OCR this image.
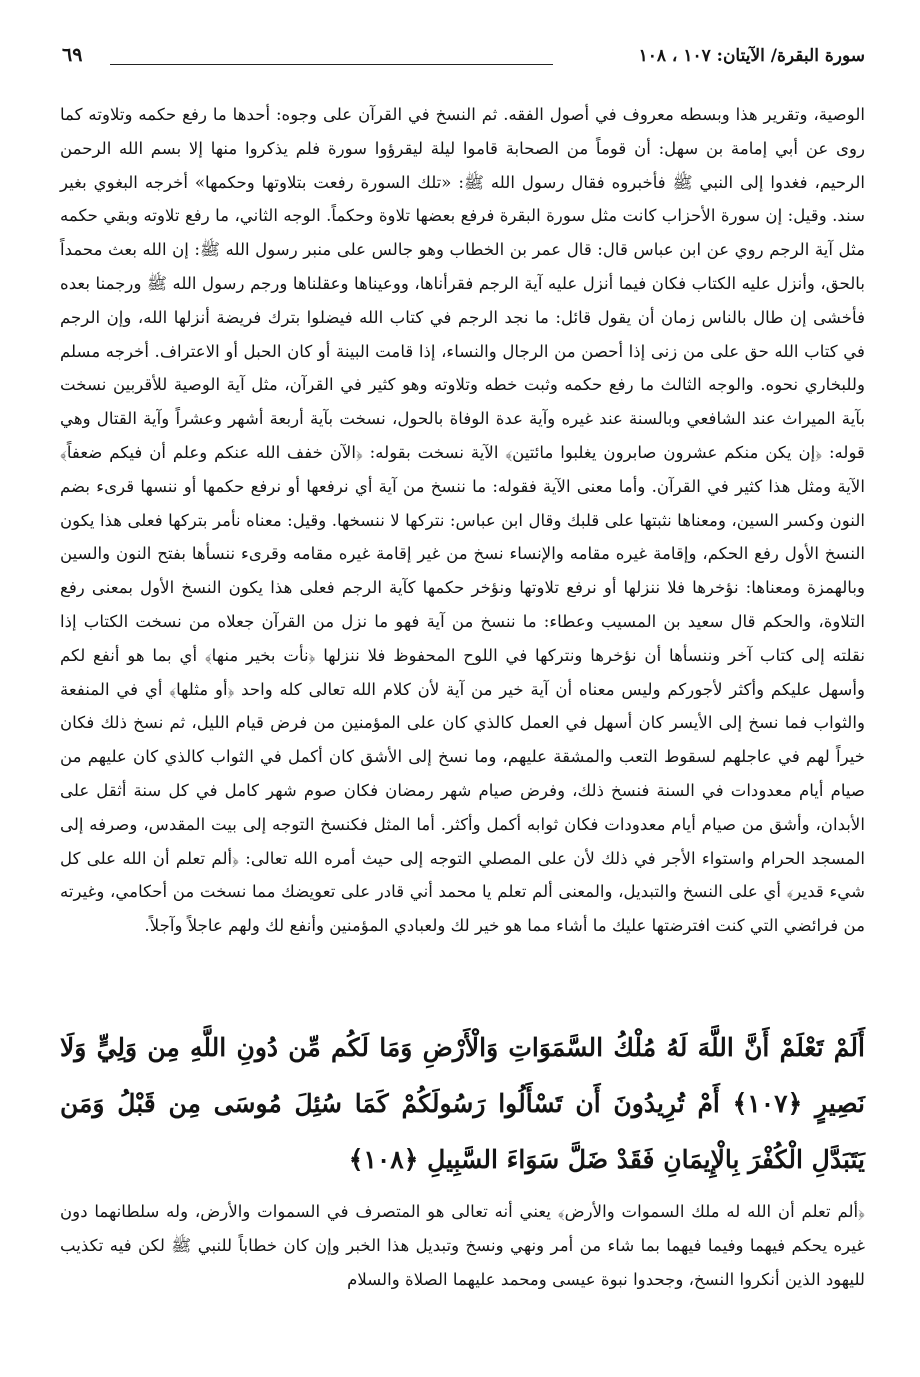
سورة البقرة/ الآيتان: ١٠٧ ، ١٠٨
٦٩

الوصية، وتقرير هذا وبسطه معروف في أصول الفقه. ثم النسخ في القرآن على وجوه: أحدها ما رفع حكمه وتلاوته كما روى عن أبي إمامة بن سهل: أن قوماً من الصحابة قاموا ليلة ليقرؤوا سورة فلم يذكروا منها إلا بسم الله الرحمن الرحيم، فغدوا إلى النبي ﷺ فأخبروه فقال رسول الله ﷺ: «تلك السورة رفعت بتلاوتها وحكمها» أخرجه البغوي بغير سند. وقيل: إن سورة الأحزاب كانت مثل سورة البقرة فرفع بعضها تلاوة وحكماً. الوجه الثاني، ما رفع تلاوته وبقي حكمه مثل آية الرجم روي عن ابن عباس قال: قال عمر بن الخطاب وهو جالس على منبر رسول الله ﷺ: إن الله بعث محمداً بالحق، وأنزل عليه الكتاب فكان فيما أنزل عليه آية الرجم فقرأناها، ووعيناها وعقلناها ورجم رسول الله ﷺ ورجمنا بعده فأخشى إن طال بالناس زمان أن يقول قائل: ما نجد الرجم في كتاب الله فيضلوا بترك فريضة أنزلها الله، وإن الرجم في كتاب الله حق على من زنى إذا أحصن من الرجال والنساء، إذا قامت البينة أو كان الحبل أو الاعتراف. أخرجه مسلم وللبخاري نحوه. والوجه الثالث ما رفع حكمه وثبت خطه وتلاوته وهو كثير في القرآن، مثل آية الوصية للأقربين نسخت بآية الميراث عند الشافعي وبالسنة عند غيره وآية عدة الوفاة بالحول، نسخت بآية أربعة أشهر وعشراً وآية القتال وهي قوله: ﴿إن يكن منكم عشرون صابرون يغلبوا مائتين﴾ الآية نسخت بقوله: ﴿الآن خفف الله عنكم وعلم أن فيكم ضعفاً﴾ الآية ومثل هذا كثير في القرآن. وأما معنى الآية فقوله: ما ننسخ من آية أي نرفعها أو نرفع حكمها أو ننسها قرىء بضم النون وكسر السين، ومعناها نثبتها على قلبك وقال ابن عباس: نتركها لا ننسخها. وقيل: معناه نأمر بتركها فعلى هذا يكون النسخ الأول رفع الحكم، وإقامة غيره مقامه والإنساء نسخ من غير إقامة غيره مقامه وقرىء ننسأها بفتح النون والسين وبالهمزة ومعناها: نؤخرها فلا ننزلها أو نرفع تلاوتها ونؤخر حكمها كآية الرجم فعلى هذا يكون النسخ الأول بمعنى رفع التلاوة، والحكم قال سعيد بن المسيب وعطاء: ما ننسخ من آية فهو ما نزل من القرآن جعلاه من نسخت الكتاب إذا نقلته إلى كتاب آخر وننسأها أن نؤخرها ونتركها في اللوح المحفوظ فلا ننزلها ﴿نأت بخير منها﴾ أي بما هو أنفع لكم وأسهل عليكم وأكثر لأجوركم وليس معناه أن آية خير من آية لأن كلام الله تعالى كله واحد ﴿أو مثلها﴾ أي في المنفعة والثواب فما نسخ إلى الأيسر كان أسهل في العمل كالذي كان على المؤمنين من فرض قيام الليل، ثم نسخ ذلك فكان خيراً لهم في عاجلهم لسقوط التعب والمشقة عليهم، وما نسخ إلى الأشق كان أكمل في الثواب كالذي كان عليهم من صيام أيام معدودات في السنة فنسخ ذلك، وفرض صيام شهر رمضان فكان صوم شهر كامل في كل سنة أثقل على الأبدان، وأشق من صيام أيام معدودات فكان ثوابه أكمل وأكثر. أما المثل فكنسخ التوجه إلى بيت المقدس، وصرفه إلى المسجد الحرام واستواء الأجر في ذلك لأن على المصلي التوجه إلى حيث أمره الله تعالى: ﴿ألم تعلم أن الله على كل شيء قدير﴾ أي على النسخ والتبديل، والمعنى ألم تعلم يا محمد أني قادر على تعويضك مما نسخت من أحكامي، وغيرته من فرائضي التي كنت افترضتها عليك ما أشاء مما هو خير لك ولعبادي المؤمنين وأنفع لك ولهم عاجلاً وآجلاً.

أَلَمْ تَعْلَمْ أَنَّ اللَّهَ لَهُ مُلْكُ السَّمَوَاتِ وَالْأَرْضِ وَمَا لَكُم مِّن دُونِ اللَّهِ مِن وَلِيٍّ وَلَا نَصِيرٍ ﴿١٠٧﴾ أَمْ تُرِيدُونَ أَن تَسْأَلُوا رَسُولَكُمْ كَمَا سُئِلَ مُوسَى مِن قَبْلُ وَمَن يَتَبَدَّلِ الْكُفْرَ بِالْإِيمَانِ فَقَدْ ضَلَّ سَوَاءَ السَّبِيلِ ﴿١٠٨﴾

﴿ألم تعلم أن الله له ملك السموات والأرض﴾ يعني أنه تعالى هو المتصرف في السموات والأرض، وله سلطانهما دون غيره يحكم فيهما وفيما فيهما بما شاء من أمر ونهي ونسخ وتبديل هذا الخبر وإن كان خطاباً للنبي ﷺ لكن فيه تكذيب لليهود الذين أنكروا النسخ، وجحدوا نبوة عيسى ومحمد عليهما الصلاة والسلام
